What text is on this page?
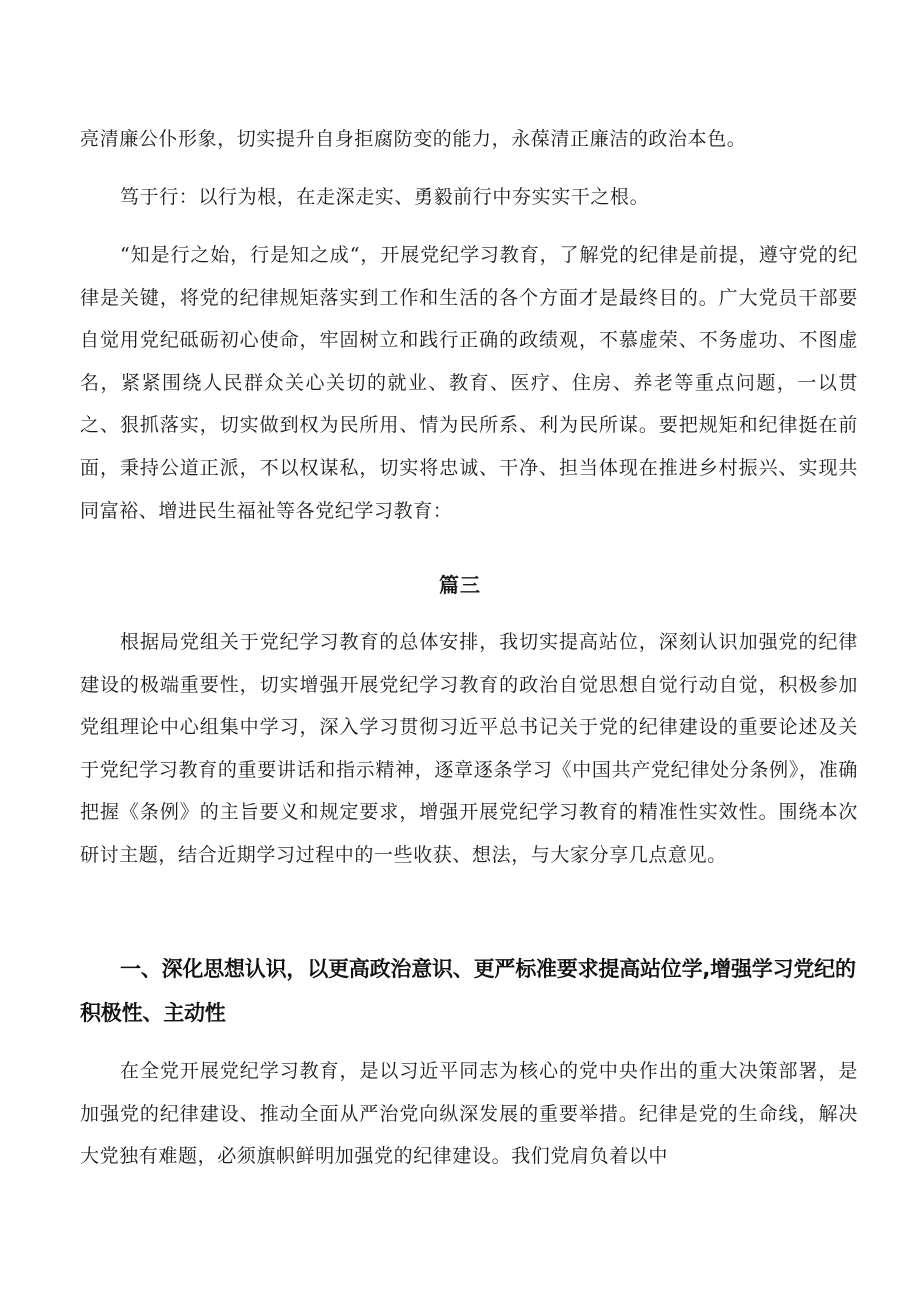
亮清廉公仆形象，切实提升自身拒腐防变的能力，永葆清正廉洁的政治本色。

笃于行：以行为根，在走深走实、勇毅前行中夯实实干之根。

“知是行之始，行是知之成“，开展党纪学习教育，了解党的纪律是前提，遵守党的纪律是关键，将党的纪律规矩落实到工作和生活的各个方面才是最终目的。广大党员干部要自觉用党纪砥砺初心使命，牢固树立和践行正确的政绩观，不慕虚荣、不务虚功、不图虚名，紧紧围绕人民群众关心关切的就业、教育、医疗、住房、养老等重点问题，一以贯之、狠抓落实，切实做到权为民所用、情为民所系、利为民所谋。要把规矩和纪律挺在前面，秉持公道正派，不以权谋私，切实将忠诚、干净、担当体现在推进乡村振兴、实现共同富裕、增进民生福祉等各党纪学习教育：

篇三

根据局党组关于党纪学习教育的总体安排，我切实提高站位，深刻认识加强党的纪律建设的极端重要性，切实增强开展党纪学习教育的政治自觉思想自觉行动自觉，积极参加党组理论中心组集中学习，深入学习贯彻习近平总书记关于党的纪律建设的重要论述及关于党纪学习教育的重要讲话和指示精神，逐章逐条学习《中国共产党纪律处分条例》，准确把握《条例》的主旨要义和规定要求，增强开展党纪学习教育的精准性实效性。围绕本次研讨主题，结合近期学习过程中的一些收获、想法，与大家分享几点意见。

一、深化思想认识，以更高政治意识、更严标准要求提高站位学,增强学习党纪的积极性、主动性

在全党开展党纪学习教育，是以习近平同志为核心的党中央作出的重大决策部署，是加强党的纪律建设、推动全面从严治党向纵深发展的重要举措。纪律是党的生命线，解决大党独有难题，必须旗帜鲜明加强党的纪律建设。我们党肩负着以中
